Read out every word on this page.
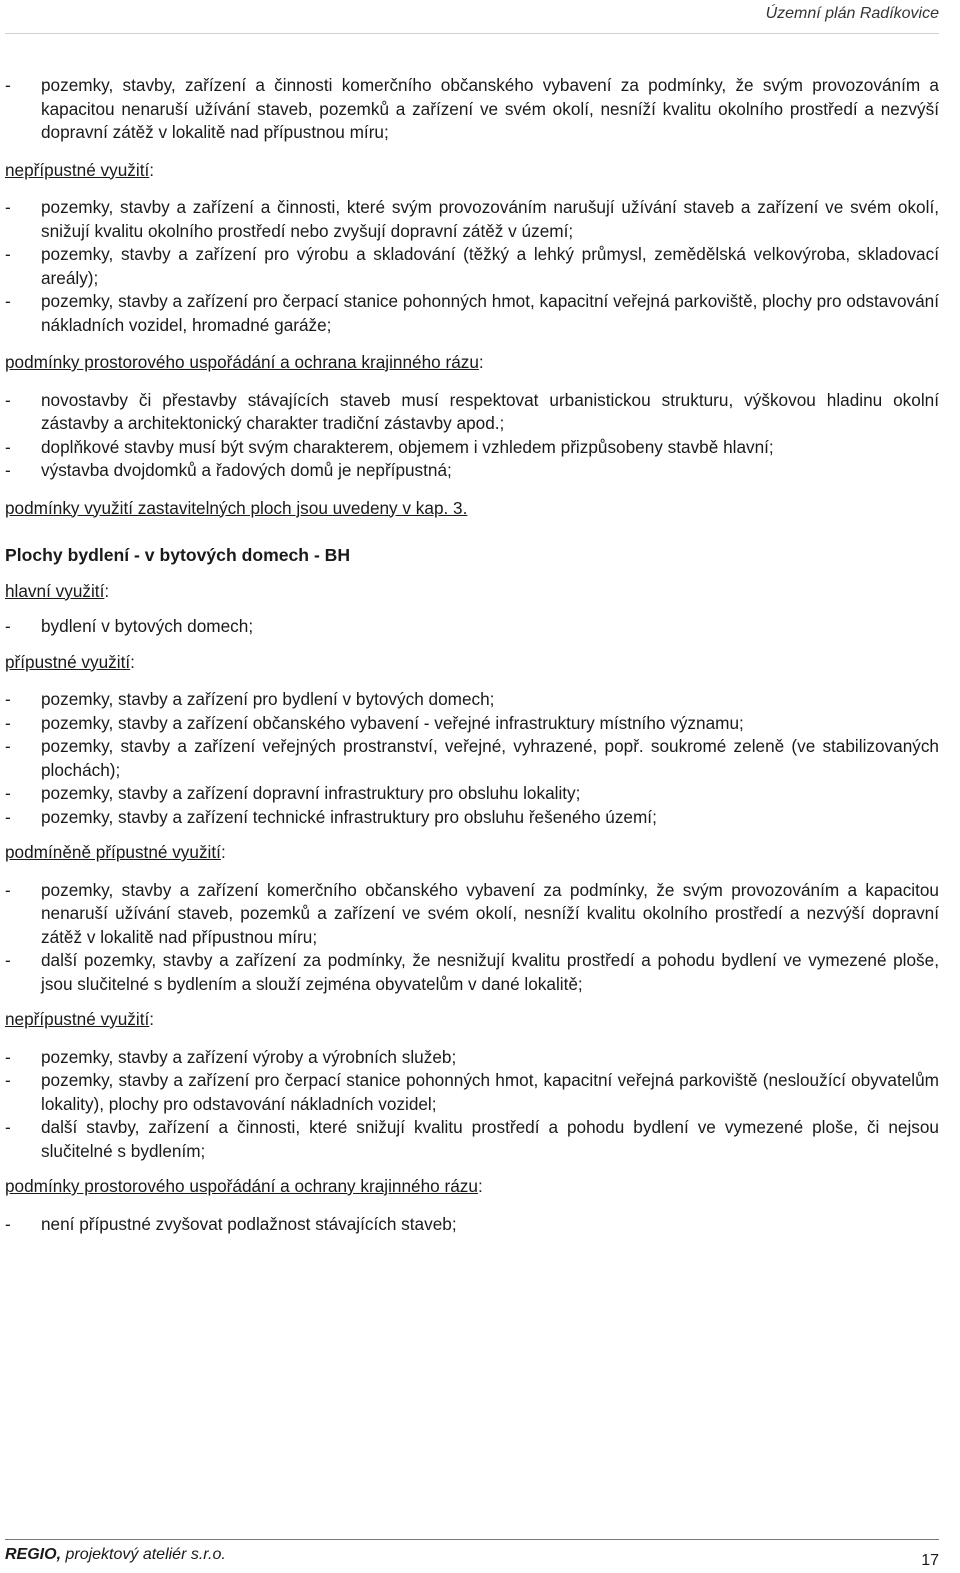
Územní plán Radíkovice
- pozemky, stavby, zařízení a činnosti komerčního občanského vybavení za podmínky, že svým provozováním a kapacitou nenaruší užívání staveb, pozemků a zařízení ve svém okolí, nesníží kvalitu okolního prostředí a nezvýší dopravní zátěž v lokalitě nad přípustnou míru;
nepřípustné využití:
- pozemky, stavby a zařízení a činnosti, které svým provozováním narušují užívání staveb a zařízení ve svém okolí, snižují kvalitu okolního prostředí nebo zvyšují dopravní zátěž v území;
- pozemky, stavby a zařízení pro výrobu a skladování (těžký a lehký průmysl, zemědělská velkovýroba, skladovací areály);
- pozemky, stavby a zařízení pro čerpací stanice pohonných hmot, kapacitní veřejná parkoviště, plochy pro odstavování nákladních vozidel, hromadné garáže;
podmínky prostorového uspořádání a ochrana krajinného rázu:
- novostavby či přestavby stávajících staveb musí respektovat urbanistickou strukturu, výškovou hladinu okolní zástavby a architektonický charakter tradiční zástavby apod.;
- doplňkové stavby musí být svým charakterem, objemem i vzhledem přizpůsobeny stavbě hlavní;
- výstavba dvojdomků a řadových domů je nepřípustná;
podmínky využití zastavitelných ploch jsou uvedeny v kap. 3.
Plochy bydlení - v bytových domech - BH
hlavní využití:
- bydlení v bytových domech;
přípustné využití:
- pozemky, stavby a zařízení pro bydlení v bytových domech;
- pozemky, stavby a zařízení občanského vybavení - veřejné infrastruktury místního významu;
- pozemky, stavby a zařízení veřejných prostranství, veřejné, vyhrazené, popř. soukromé zeleně (ve stabilizovaných plochách);
- pozemky, stavby a zařízení dopravní infrastruktury pro obsluhu lokality;
- pozemky, stavby a zařízení technické infrastruktury pro obsluhu řešeného území;
podmíněně přípustné využití:
- pozemky, stavby a zařízení komerčního občanského vybavení za podmínky, že svým provozováním a kapacitou nenaruší užívání staveb, pozemků a zařízení ve svém okolí, nesníží kvalitu okolního prostředí a nezvýší dopravní zátěž v lokalitě nad přípustnou míru;
- další pozemky, stavby a zařízení za podmínky, že nesnižují kvalitu prostředí a pohodu bydlení ve vymezené ploše, jsou slučitelné s bydlením a slouží zejména obyvatelům v dané lokalitě;
nepřípustné využití:
- pozemky, stavby a zařízení výroby a výrobních služeb;
- pozemky, stavby a zařízení pro čerpací stanice pohonných hmot, kapacitní veřejná parkoviště (nesloužící obyvatelům lokality), plochy pro odstavování nákladních vozidel;
- další stavby, zařízení a činnosti, které snižují kvalitu prostředí a pohodu bydlení ve vymezené ploše, či nejsou slučitelné s bydlením;
podmínky prostorového uspořádání a ochrany krajinného rázu:
- není přípustné zvyšovat podlažnost stávajících staveb;
REGIO, projektový ateliér s.r.o.	17
